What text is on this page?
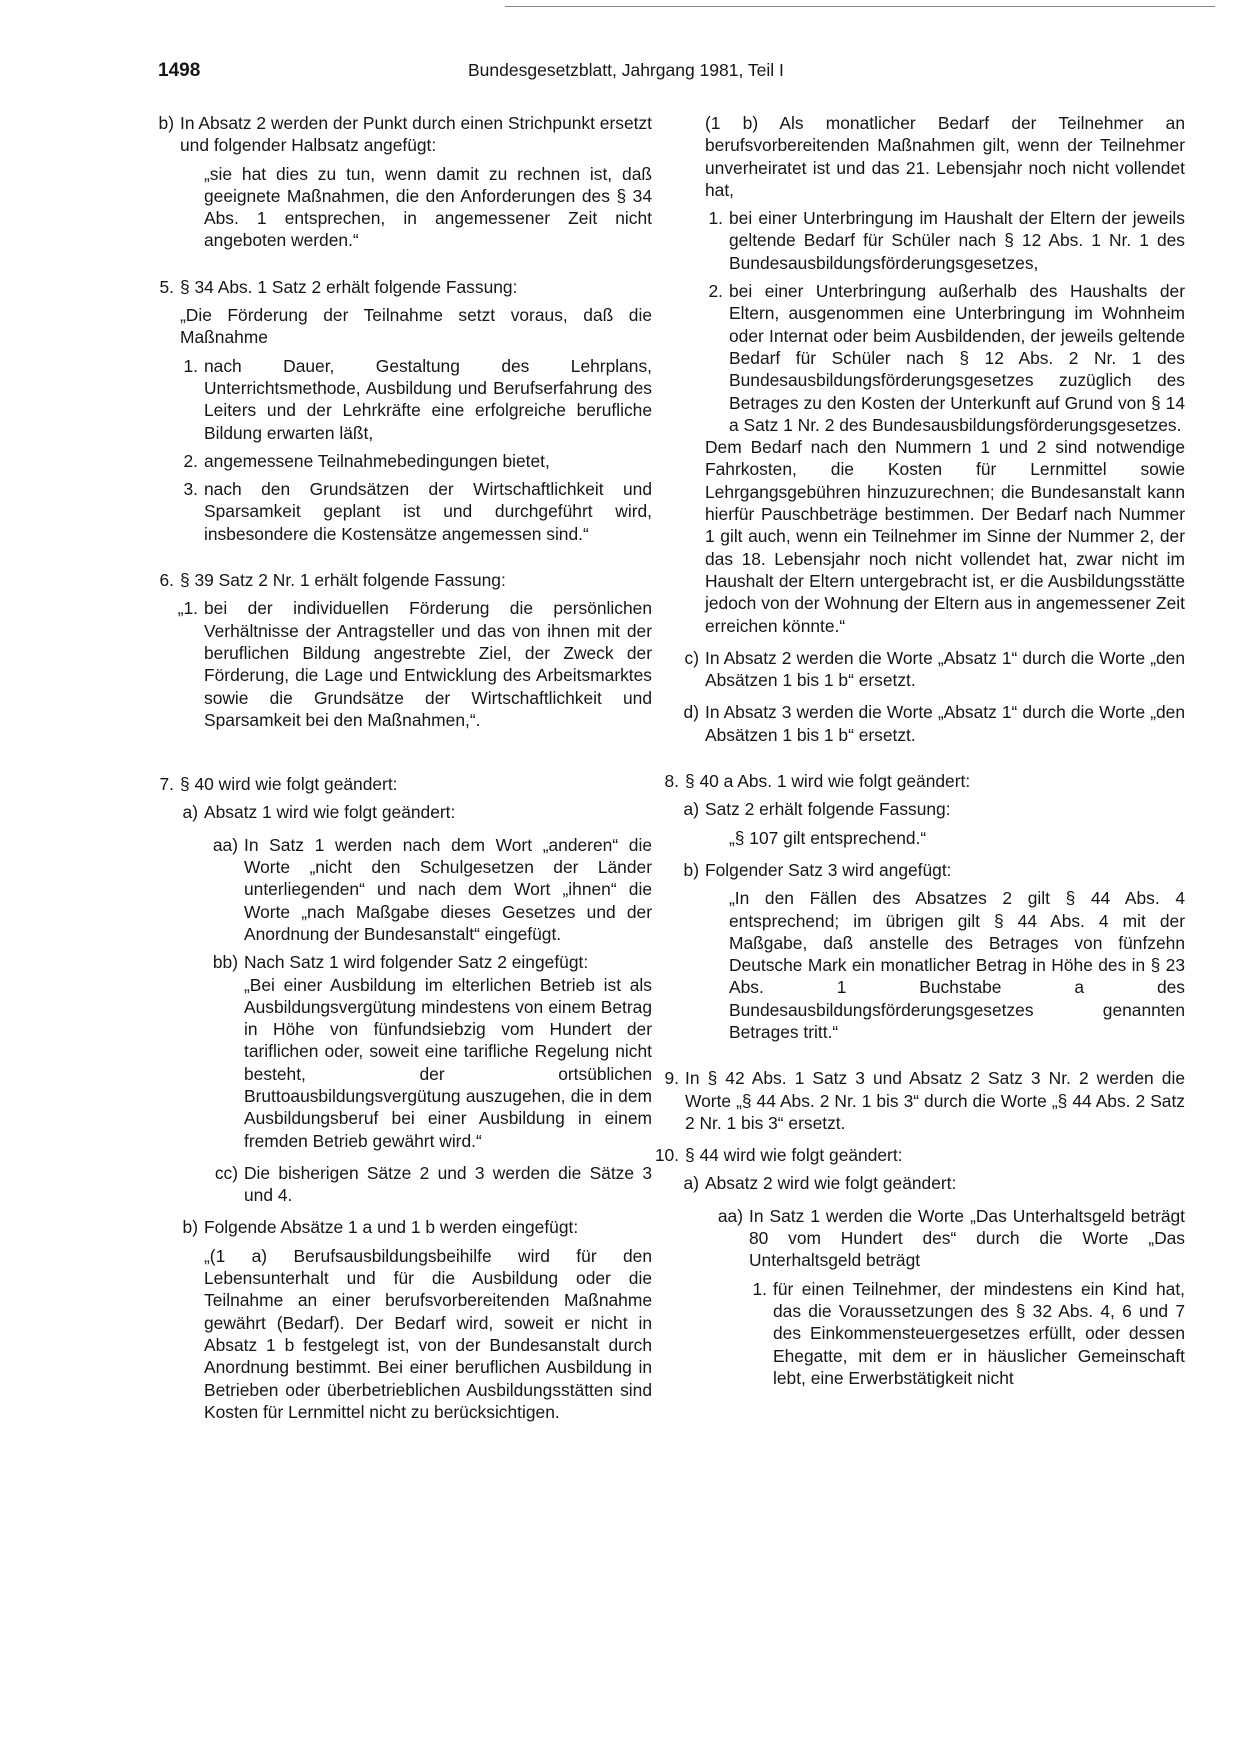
1498	Bundesgesetzblatt, Jahrgang 1981, Teil I
b) In Absatz 2 werden der Punkt durch einen Strichpunkt ersetzt und folgender Halbsatz angefügt:
„sie hat dies zu tun, wenn damit zu rechnen ist, daß geeignete Maßnahmen, die den Anforderungen des § 34 Abs. 1 entsprechen, in angemessener Zeit nicht angeboten werden.“
5. § 34 Abs. 1 Satz 2 erhält folgende Fassung:
„Die Förderung der Teilnahme setzt voraus, daß die Maßnahme
1. nach Dauer, Gestaltung des Lehrplans, Unterrichtsmethode, Ausbildung und Berufserfahrung des Leiters und der Lehrkräfte eine erfolgreiche berufliche Bildung erwarten läßt,
2. angemessene Teilnahmebedingungen bietet,
3. nach den Grundsätzen der Wirtschaftlichkeit und Sparsamkeit geplant ist und durchgeführt wird, insbesondere die Kostensätze angemessen sind.“
6. § 39 Satz 2 Nr. 1 erhält folgende Fassung:
„1. bei der individuellen Förderung die persönlichen Verhältnisse der Antragsteller und das von ihnen mit der beruflichen Bildung angestrebte Ziel, der Zweck der Förderung, die Lage und Entwicklung des Arbeitsmarktes sowie die Grundsätze der Wirtschaftlichkeit und Sparsamkeit bei den Maßnahmen,“.
7. § 40 wird wie folgt geändert:
a) Absatz 1 wird wie folgt geändert:
aa) In Satz 1 werden nach dem Wort „anderen“ die Worte „nicht den Schulgesetzen der Länder unterliegenden“ und nach dem Wort „ihnen“ die Worte „nach Maßgabe dieses Gesetzes und der Anordnung der Bundesanstalt“ eingefügt.
bb) Nach Satz 1 wird folgender Satz 2 eingefügt:
„Bei einer Ausbildung im elterlichen Betrieb ist als Ausbildungsvergütung mindestens von einem Betrag in Höhe von fünfundsiebzig vom Hundert der tariflichen oder, soweit eine tarifliche Regelung nicht besteht, der ortsüblichen Bruttoausbildungsvergütung auszugehen, die in dem Ausbildungsberuf bei einer Ausbildung in einem fremden Betrieb gewährt wird.“
cc) Die bisherigen Sätze 2 und 3 werden die Sätze 3 und 4.
b) Folgende Absätze 1 a und 1 b werden eingefügt:
„(1 a) Berufsausbildungsbeihilfe wird für den Lebensunterhalt und für die Ausbildung oder die Teilnahme an einer berufsvorbereitenden Maßnahme gewährt (Bedarf). Der Bedarf wird, soweit er nicht in Absatz 1 b festgelegt ist, von der Bundesanstalt durch Anordnung bestimmt. Bei einer beruflichen Ausbildung in Betrieben oder überbetrieblichen Ausbildungsstätten sind Kosten für Lernmittel nicht zu berücksichtigen.
(1 b) Als monatlicher Bedarf der Teilnehmer an berufsvorbereitenden Maßnahmen gilt, wenn der Teilnehmer unverheiratet ist und das 21. Lebensjahr noch nicht vollendet hat,
1. bei einer Unterbringung im Haushalt der Eltern der jeweils geltende Bedarf für Schüler nach § 12 Abs. 1 Nr. 1 des Bundesausbildungsförderungsgesetzes,
2. bei einer Unterbringung außerhalb des Haushalts der Eltern, ausgenommen eine Unterbringung im Wohnheim oder Internat oder beim Ausbildenden, der jeweils geltende Bedarf für Schüler nach § 12 Abs. 2 Nr. 1 des Bundesausbildungsförderungsgesetzes zuzüglich des Betrages zu den Kosten der Unterkunft auf Grund von § 14 a Satz 1 Nr. 2 des Bundesausbildungsförderungsgesetzes.
Dem Bedarf nach den Nummern 1 und 2 sind notwendige Fahrkosten, die Kosten für Lernmittel sowie Lehrgangsgebühren hinzuzurechnen; die Bundesanstalt kann hierfür Pauschbeträge bestimmen. Der Bedarf nach Nummer 1 gilt auch, wenn ein Teilnehmer im Sinne der Nummer 2, der das 18. Lebensjahr noch nicht vollendet hat, zwar nicht im Haushalt der Eltern untergebracht ist, er die Ausbildungsstätte jedoch von der Wohnung der Eltern aus in angemessener Zeit erreichen könnte.“
c) In Absatz 2 werden die Worte „Absatz 1“ durch die Worte „den Absätzen 1 bis 1 b“ ersetzt.
d) In Absatz 3 werden die Worte „Absatz 1“ durch die Worte „den Absätzen 1 bis 1 b“ ersetzt.
8. § 40 a Abs. 1 wird wie folgt geändert:
a) Satz 2 erhält folgende Fassung:
„§ 107 gilt entsprechend.“
b) Folgender Satz 3 wird angefügt:
„In den Fällen des Absatzes 2 gilt § 44 Abs. 4 entsprechend; im übrigen gilt § 44 Abs. 4 mit der Maßgabe, daß anstelle des Betrages von fünfzehn Deutsche Mark ein monatlicher Betrag in Höhe des in § 23 Abs. 1 Buchstabe a des Bundesausbildungsförderungsgesetzes genannten Betrages tritt.“
9. In § 42 Abs. 1 Satz 3 und Absatz 2 Satz 3 Nr. 2 werden die Worte „§ 44 Abs. 2 Nr. 1 bis 3“ durch die Worte „§ 44 Abs. 2 Satz 2 Nr. 1 bis 3“ ersetzt.
10. § 44 wird wie folgt geändert:
a) Absatz 2 wird wie folgt geändert:
aa) In Satz 1 werden die Worte „Das Unterhaltsgeld beträgt 80 vom Hundert des“ durch die Worte „Das Unterhaltsgeld beträgt
1. für einen Teilnehmer, der mindestens ein Kind hat, das die Voraussetzungen des § 32 Abs. 4, 6 und 7 des Einkommensteuergesetzes erfüllt, oder dessen Ehegatte, mit dem er in häuslicher Gemeinschaft lebt, eine Erwerbstätigkeit nicht
